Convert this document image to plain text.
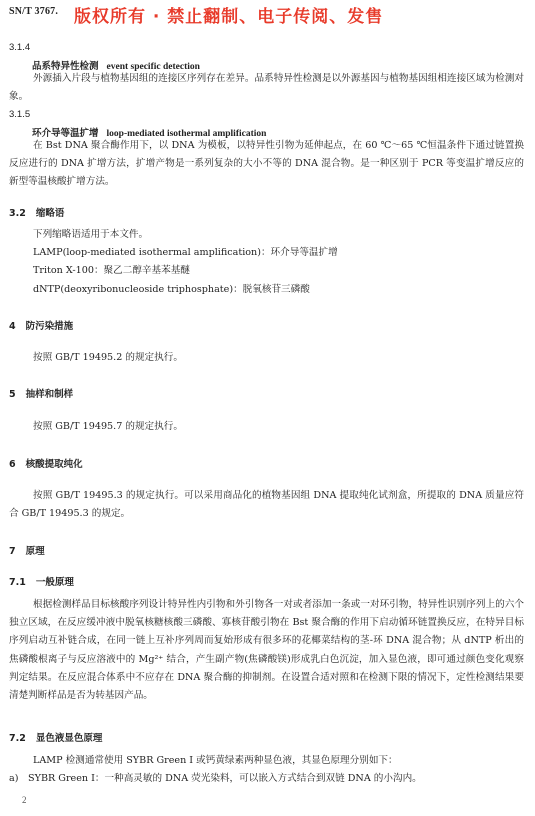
SN/T 3767. 版权所有 · 禁止翻制、电子传阅、发售
3.1.4
品系特异性检测 event specific detection
外源插入片段与植物基因组的连接区序列存在差异。品系特异性检测是以外源基因与植物基因组相连接区域为检测对象。
3.1.5
环介导等温扩增 loop-mediated isothermal amplification
在 Bst DNA 聚合酶作用下，以 DNA 为模板，以特异性引物为延伸起点，在 60 ℃～65 ℃恒温条件下通过链置换反应进行的 DNA 扩增方法，扩增产物是一系列复杂的大小不等的 DNA 混合物。是一种区别于 PCR 等变温扩增反应的新型等温核酸扩增方法。
3.2 缩略语
下列缩略语适用于本文件。
LAMP(loop-mediated isothermal amplification)：环介导等温扩增
Triton X-100：聚乙二醇辛基苯基醚
dNTP(deoxyribonucleoside triphosphate)：脱氧核苷三磷酸
4 防污染措施
按照 GB/T 19495.2 的规定执行。
5 抽样和制样
按照 GB/T 19495.7 的规定执行。
6 核酸提取纯化
按照 GB/T 19495.3 的规定执行。可以采用商品化的植物基因组 DNA 提取纯化试剂盒，所提取的 DNA 质量应符合 GB/T 19495.3 的规定。
7 原理
7.1 一般原理
根据检测样品目标核酸序列设计特异性内引物和外引物各一对或者添加一条或一对环引物，特异性识别序列上的六个独立区域，在反应缓冲液中脱氧核糖核酸三磷酸、寡核苷酸引物在 Bst 聚合酶的作用下启动循环链置换反应，在特异目标序列启动互补链合成，在同一链上互补序列周而复始形成有很多环的花椰菜结构的茎-环 DNA 混合物；从 dNTP 析出的焦磷酸根离子与反应溶液中的 Mg²⁺ 结合，产生副产物(焦磷酸镁)形成乳白色沉淀，加入显色液，即可通过颜色变化观察判定结果。在反应混合体系中不应存在 DNA 聚合酶的抑制剂。在设置合适对照和在检测下限的情况下，定性检测结果要清楚判断样品是否为转基因产品。
7.2 显色液显色原理
LAMP 检测通常使用 SYBR Green I 或钙黄绿素两种显色液，其显色原理分别如下：
a)　SYBR Green Ⅰ：一种高灵敏的 DNA 荧光染料，可以嵌入方式结合到双链 DNA 的小沟内。
2
